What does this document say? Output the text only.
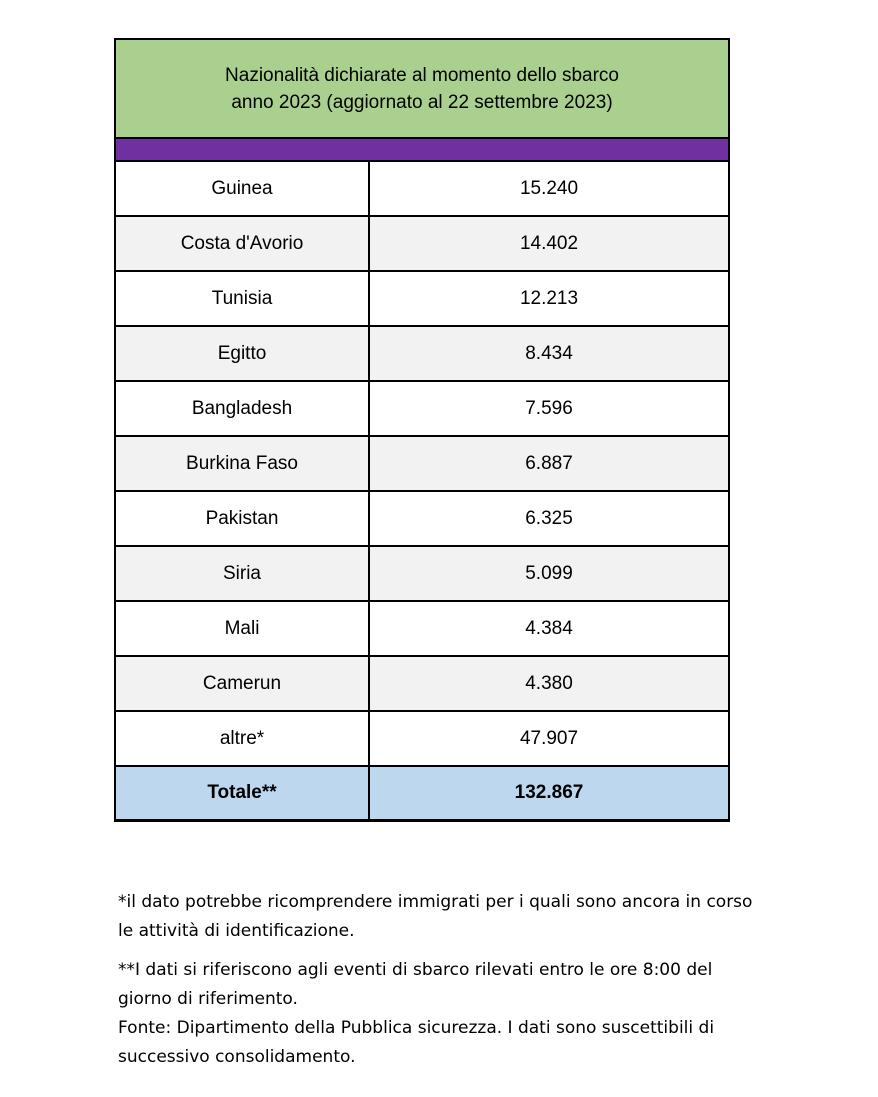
Nazionalità dichiarate al momento dello sbarco
anno 2023 (aggiornato al 22 settembre 2023)
Guinea	15.240
Costa d'Avorio	14.402
Tunisia	12.213
Egitto	8.434
Bangladesh	7.596
Burkina Faso	6.887
Pakistan	6.325
Siria	5.099
Mali	4.384
Camerun	4.380
altre*	47.907
Totale**	132.867

*il dato potrebbe ricomprendere immigrati per i quali sono ancora in corso le attività di identificazione.

**I dati si riferiscono agli eventi di sbarco rilevati entro le ore 8:00 del giorno di riferimento.

Fonte: Dipartimento della Pubblica sicurezza. I dati sono suscettibili di successivo consolidamento.
